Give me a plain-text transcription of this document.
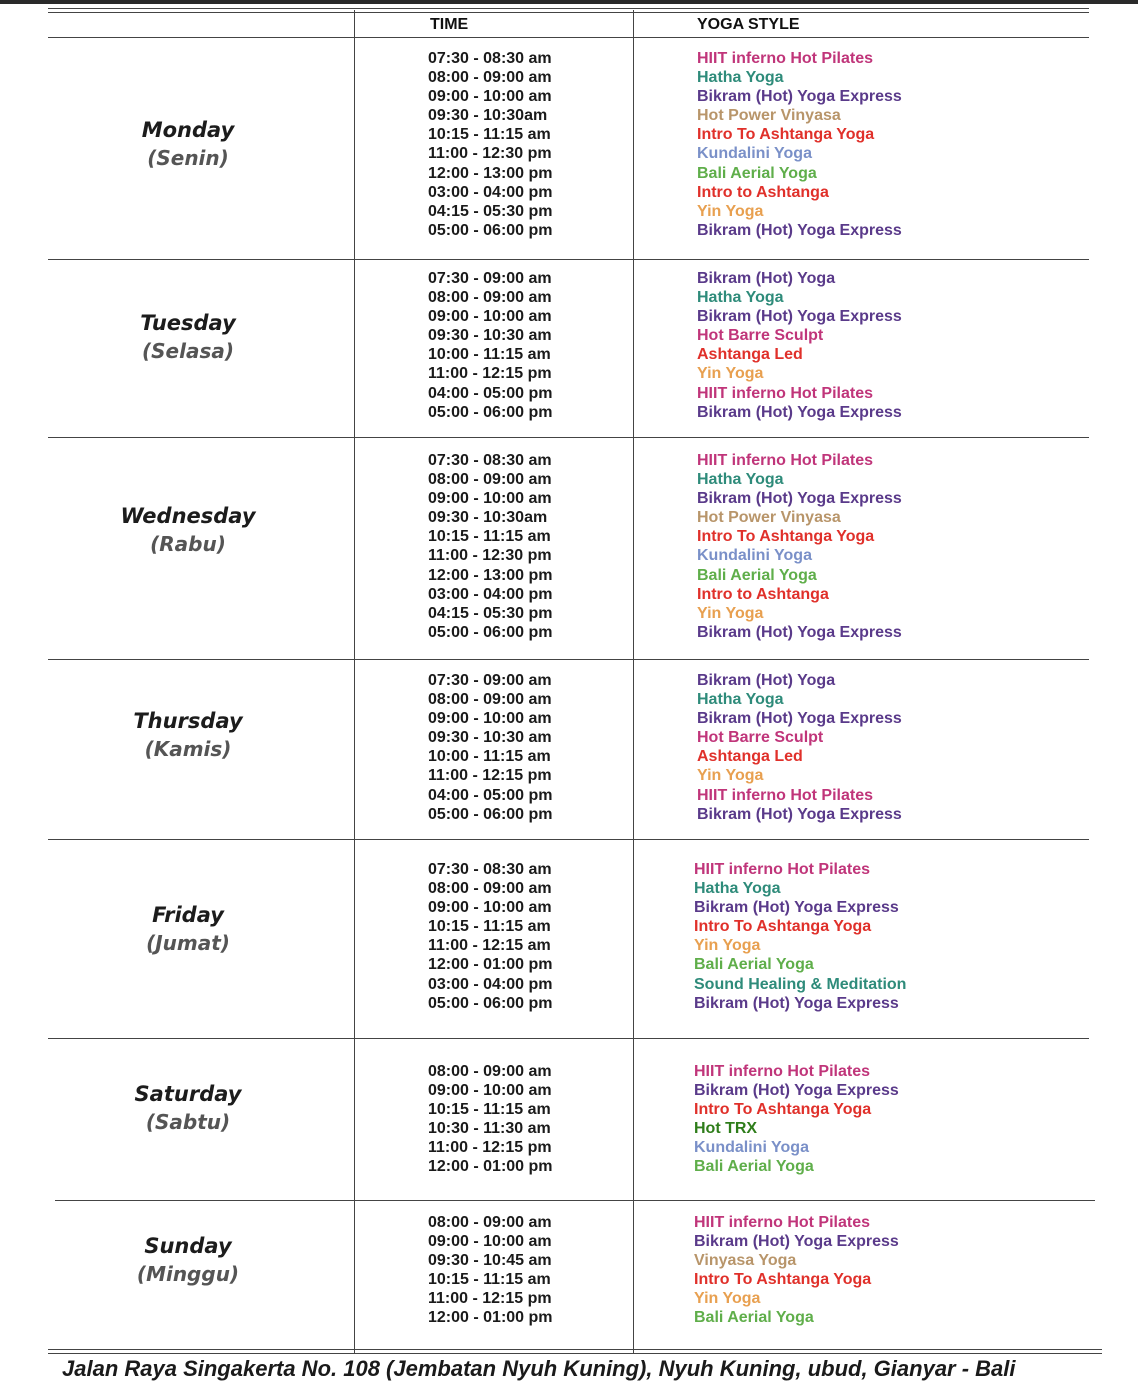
TIME	YOGA STYLE
Monday
(Senin)
07:30 - 08:30 am
08:00 - 09:00 am
09:00 - 10:00 am
09:30 - 10:30am
10:15 - 11:15 am
11:00 - 12:30 pm
12:00 - 13:00 pm
03:00 - 04:00 pm
04:15 - 05:30 pm
05:00 - 06:00 pm
HIIT inferno Hot Pilates
Hatha Yoga
Bikram (Hot) Yoga Express
Hot Power Vinyasa
Intro To Ashtanga Yoga
Kundalini Yoga
Bali Aerial Yoga
Intro to Ashtanga
Yin Yoga
Bikram (Hot) Yoga Express
Tuesday
(Selasa)
07:30 - 09:00 am
08:00 - 09:00 am
09:00 - 10:00 am
09:30 - 10:30 am
10:00 - 11:15 am
11:00 - 12:15 pm
04:00 - 05:00 pm
05:00 - 06:00 pm
Bikram (Hot) Yoga
Hatha Yoga
Bikram (Hot) Yoga Express
Hot Barre Sculpt
Ashtanga Led
Yin Yoga
HIIT inferno Hot Pilates
Bikram (Hot) Yoga Express
Wednesday
(Rabu)
07:30 - 08:30 am
08:00 - 09:00 am
09:00 - 10:00 am
09:30 - 10:30am
10:15 - 11:15 am
11:00 - 12:30 pm
12:00 - 13:00 pm
03:00 - 04:00 pm
04:15 - 05:30 pm
05:00 - 06:00 pm
HIIT inferno Hot Pilates
Hatha Yoga
Bikram (Hot) Yoga Express
Hot Power Vinyasa
Intro To Ashtanga Yoga
Kundalini Yoga
Bali Aerial Yoga
Intro to Ashtanga
Yin Yoga
Bikram (Hot) Yoga Express
Thursday
(Kamis)
07:30 - 09:00 am
08:00 - 09:00 am
09:00 - 10:00 am
09:30 - 10:30 am
10:00 - 11:15 am
11:00 - 12:15 pm
04:00 - 05:00 pm
05:00 - 06:00 pm
Bikram (Hot) Yoga
Hatha Yoga
Bikram (Hot) Yoga Express
Hot Barre Sculpt
Ashtanga Led
Yin Yoga
HIIT inferno Hot Pilates
Bikram (Hot) Yoga Express
Friday
(Jumat)
07:30 - 08:30 am
08:00 - 09:00 am
09:00 - 10:00 am
10:15 - 11:15 am
11:00 - 12:15 am
12:00 - 01:00 pm
03:00 - 04:00 pm
05:00 - 06:00 pm
HIIT inferno Hot Pilates
Hatha Yoga
Bikram (Hot) Yoga Express
Intro To Ashtanga Yoga
Yin Yoga
Bali Aerial Yoga
Sound Healing & Meditation
Bikram (Hot) Yoga Express
Saturday
(Sabtu)
08:00 - 09:00 am
09:00 - 10:00 am
10:15 - 11:15 am
10:30 - 11:30 am
11:00 - 12:15 pm
12:00 - 01:00 pm
HIIT inferno Hot Pilates
Bikram (Hot) Yoga Express
Intro To Ashtanga Yoga
Hot TRX
Kundalini Yoga
Bali Aerial Yoga
Sunday
(Minggu)
08:00 - 09:00 am
09:00 - 10:00 am
09:30 - 10:45 am
10:15 - 11:15 am
11:00 - 12:15 pm
12:00 - 01:00 pm
HIIT inferno Hot Pilates
Bikram (Hot) Yoga Express
Vinyasa Yoga
Intro To Ashtanga Yoga
Yin Yoga
Bali Aerial Yoga
Jalan Raya Singakerta No. 108 (Jembatan Nyuh Kuning), Nyuh Kuning, ubud, Gianyar - Bali
